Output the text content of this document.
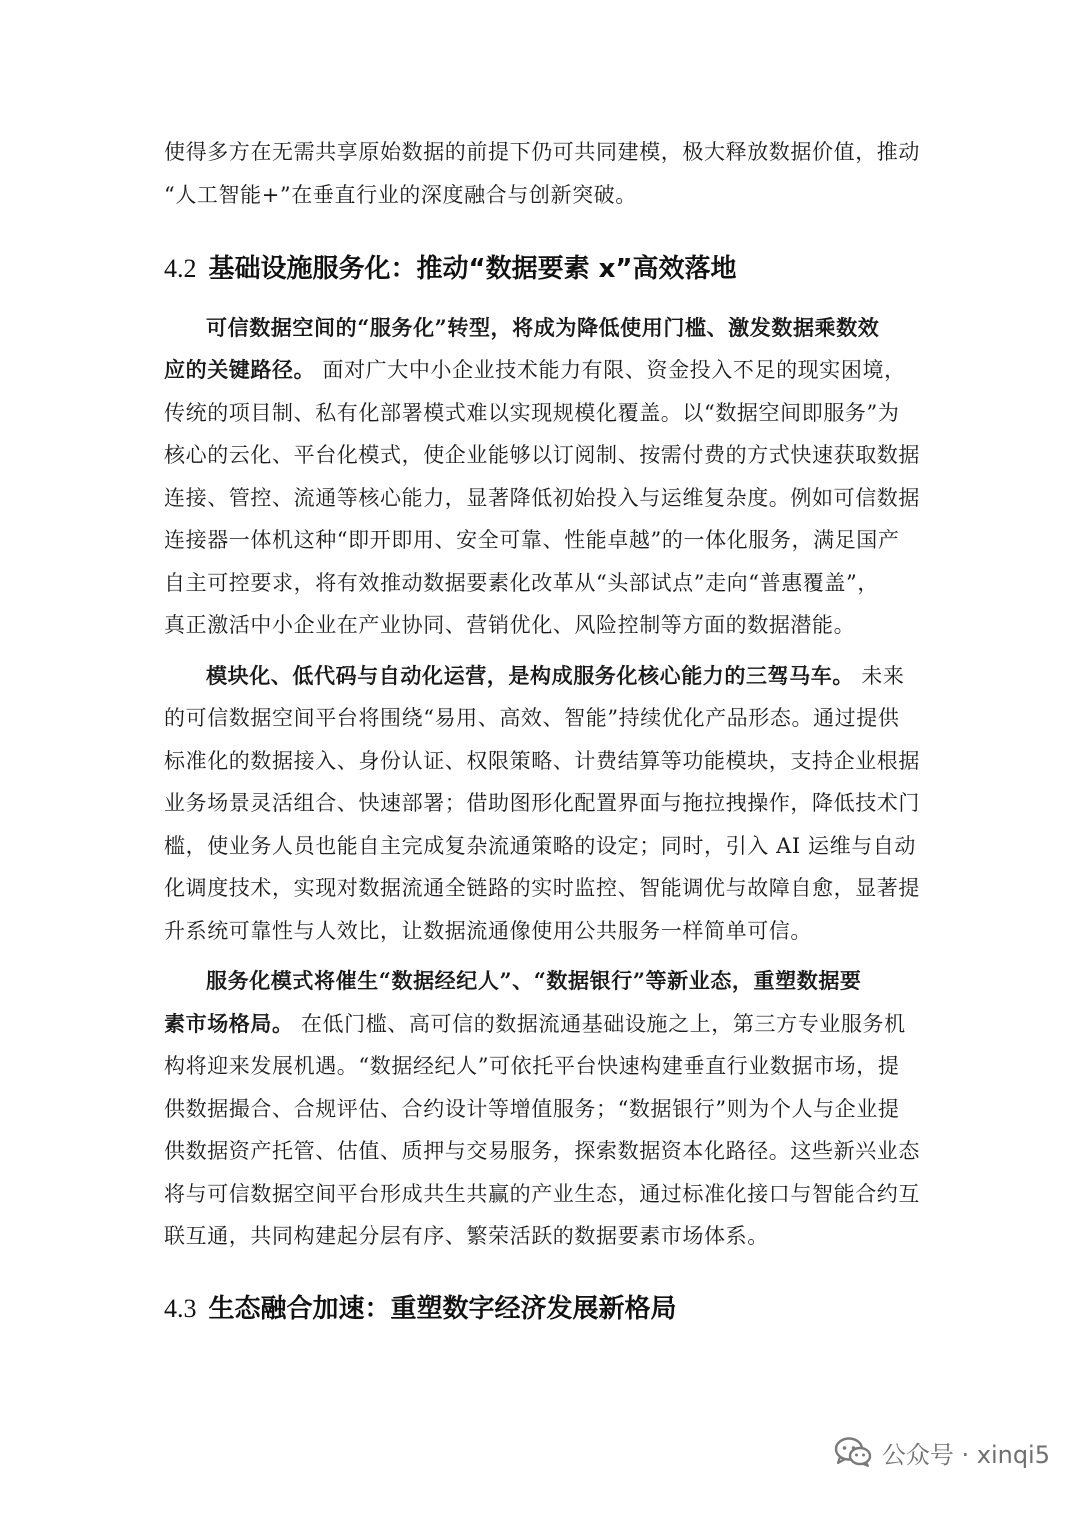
使得多方在无需共享原始数据的前提下仍可共同建模，极大释放数据价值，推动
“人工智能+”在垂直行业的深度融合与创新突破。
4.2 基础设施服务化：推动“数据要素 x”高效落地
可信数据空间的“服务化”转型，将成为降低使用门槛、激发数据乘数效
应的关键路径。 面对广大中小企业技术能力有限、资金投入不足的现实困境，
传统的项目制、私有化部署模式难以实现规模化覆盖。以“数据空间即服务”为
核心的云化、平台化模式，使企业能够以订阅制、按需付费的方式快速获取数据
连接、管控、流通等核心能力，显著降低初始投入与运维复杂度。例如可信数据
连接器一体机这种“即开即用、安全可靠、性能卓越”的一体化服务，满足国产
自主可控要求，将有效推动数据要素化改革从“头部试点”走向“普惠覆盖”，
真正激活中小企业在产业协同、营销优化、风险控制等方面的数据潜能。
模块化、低代码与自动化运营，是构成服务化核心能力的三驾马车。 未来
的可信数据空间平台将围绕“易用、高效、智能”持续优化产品形态。通过提供
标准化的数据接入、身份认证、权限策略、计费结算等功能模块，支持企业根据
业务场景灵活组合、快速部署；借助图形化配置界面与拖拉拽操作，降低技术门
槛，使业务人员也能自主完成复杂流通策略的设定；同时，引入 AI 运维与自动
化调度技术，实现对数据流通全链路的实时监控、智能调优与故障自愈，显著提
升系统可靠性与人效比，让数据流通像使用公共服务一样简单可信。
服务化模式将催生“数据经纪人”、“数据银行”等新业态，重塑数据要
素市场格局。 在低门槛、高可信的数据流通基础设施之上，第三方专业服务机
构将迎来发展机遇。“数据经纪人”可依托平台快速构建垂直行业数据市场，提
供数据撮合、合规评估、合约设计等增值服务；“数据银行”则为个人与企业提
供数据资产托管、估值、质押与交易服务，探索数据资本化路径。这些新兴业态
将与可信数据空间平台形成共生共赢的产业生态，通过标准化接口与智能合约互
联互通，共同构建起分层有序、繁荣活跃的数据要素市场体系。
4.3 生态融合加速：重塑数字经济发展新格局
公众号 · xinqi5
